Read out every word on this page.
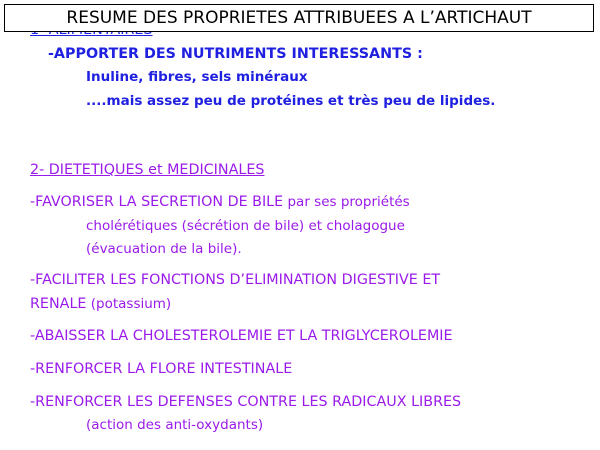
RESUME DES PROPRIETES ATTRIBUEES A L’ARTICHAUT
-APPORTER DES NUTRIMENTS INTERESSANTS :
Inuline, fibres, sels minéraux
....mais assez peu de protéines et très peu de lipides.
2- DIETETIQUES et MEDICINALES
-FAVORISER LA SECRETION DE BILE par ses propriétés
cholérétiques (sécrétion de bile) et cholagogue
(évacuation de la bile).
-FACILITER LES FONCTIONS D’ELIMINATION DIGESTIVE ET
RENALE (potassium)
-ABAISSER LA CHOLESTEROLEMIE ET LA TRIGLYCEROLEMIE
-RENFORCER LA FLORE INTESTINALE
-RENFORCER LES DEFENSES CONTRE LES RADICAUX LIBRES
(action des anti-oxydants)
